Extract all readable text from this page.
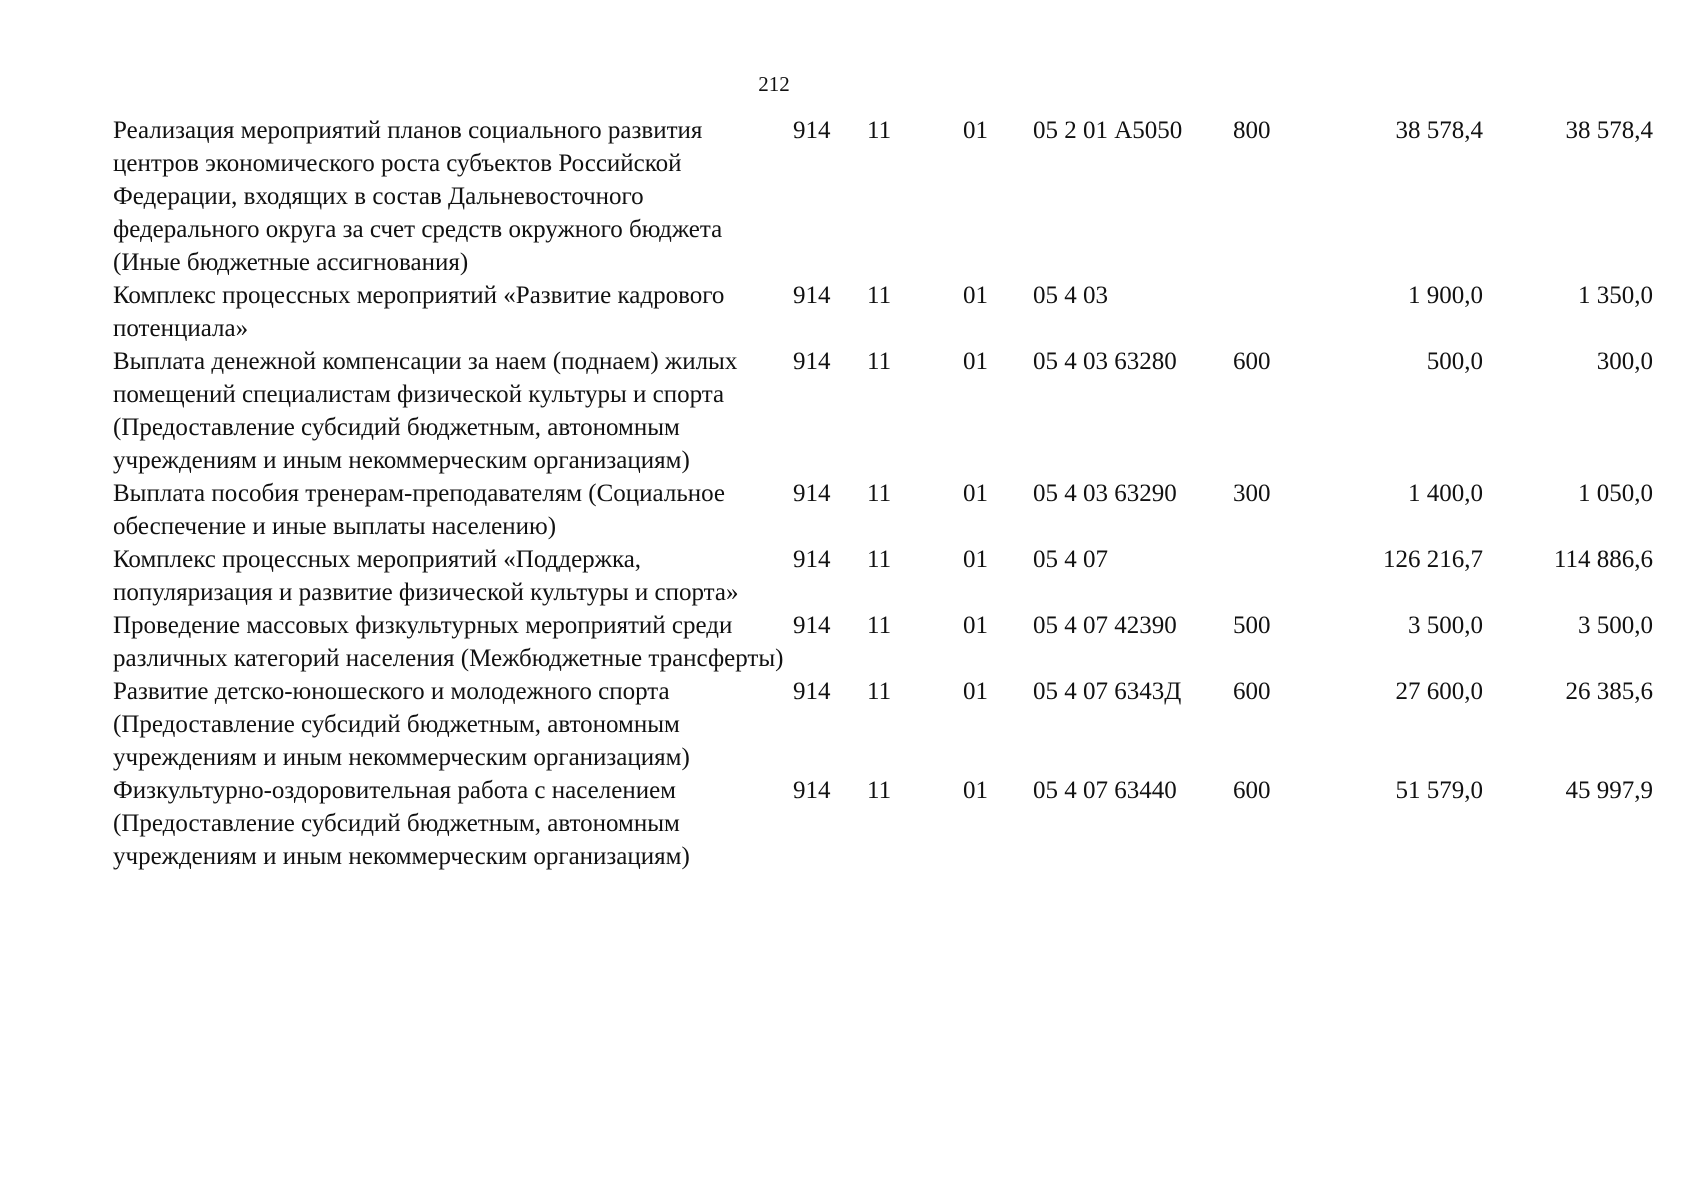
212
Реализация мероприятий планов социального развития центров экономического роста субъектов Российской Федерации, входящих в состав Дальневосточного федерального округа за счет средств окружного бюджета (Иные бюджетные ассигнования)	914	11	01	05 2 01 А5050	800	38 578,4	38 578,4
Комплекс процессных мероприятий «Развитие кадрового потенциала»	914	11	01	05 4 03		1 900,0	1 350,0
Выплата денежной компенсации за наем (поднаем) жилых помещений специалистам физической культуры и спорта (Предоставление субсидий бюджетным, автономным учреждениям и иным некоммерческим организациям)	914	11	01	05 4 03 63280	600	500,0	300,0
Выплата пособия тренерам-преподавателям (Социальное обеспечение и иные выплаты населению)	914	11	01	05 4 03 63290	300	1 400,0	1 050,0
Комплекс процессных мероприятий «Поддержка, популяризация и развитие физической культуры и спорта»	914	11	01	05 4 07		126 216,7	114 886,6
Проведение массовых физкультурных мероприятий среди различных категорий населения (Межбюджетные трансферты)	914	11	01	05 4 07 42390	500	3 500,0	3 500,0
Развитие детско-юношеского и молодежного спорта (Предоставление субсидий бюджетным, автономным учреждениям и иным некоммерческим организациям)	914	11	01	05 4 07 6343Д	600	27 600,0	26 385,6
Физкультурно-оздоровительная работа с населением (Предоставление субсидий бюджетным, автономным учреждениям и иным некоммерческим организациям)	914	11	01	05 4 07 63440	600	51 579,0	45 997,9
